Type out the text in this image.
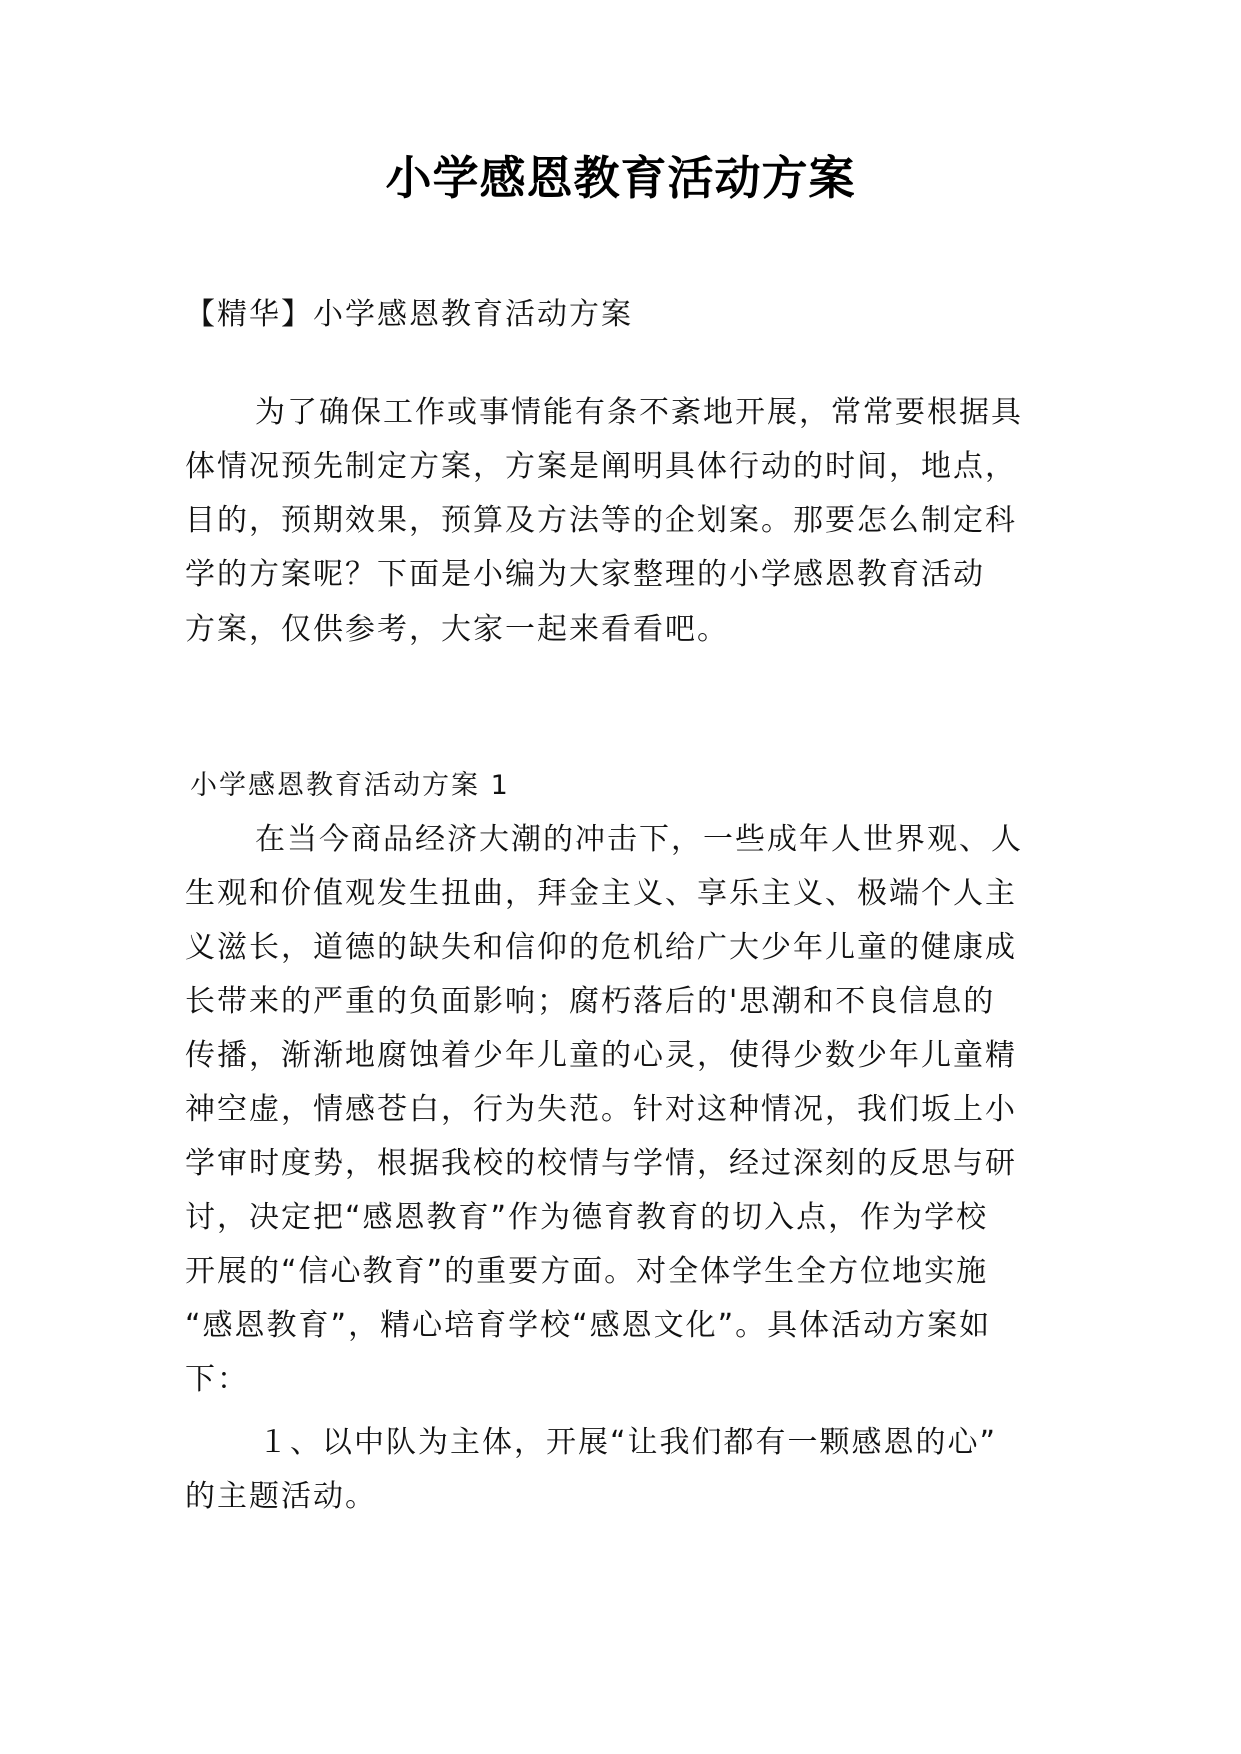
小学感恩教育活动方案
【精华】小学感恩教育活动方案
为了确保工作或事情能有条不紊地开展，常常要根据具
体情况预先制定方案，方案是阐明具体行动的时间，地点，
目的，预期效果，预算及方法等的企划案。那要怎么制定科
学的方案呢？下面是小编为大家整理的小学感恩教育活动
方案，仅供参考，大家一起来看看吧。
小学感恩教育活动方案 1
在当今商品经济大潮的冲击下，一些成年人世界观、人
生观和价值观发生扭曲，拜金主义、享乐主义、极端个人主
义滋长，道德的缺失和信仰的危机给广大少年儿童的健康成
长带来的严重的负面影响；腐朽落后的'思潮和不良信息的
传播，渐渐地腐蚀着少年儿童的心灵，使得少数少年儿童精
神空虚，情感苍白，行为失范。针对这种情况，我们坂上小
学审时度势，根据我校的校情与学情，经过深刻的反思与研
讨，决定把“感恩教育”作为德育教育的切入点，作为学校
开展的“信心教育”的重要方面。对全体学生全方位地实施
“感恩教育”，精心培育学校“感恩文化”。具体活动方案如
下：
１、以中队为主体，开展“让我们都有一颗感恩的心”
的主题活动。
